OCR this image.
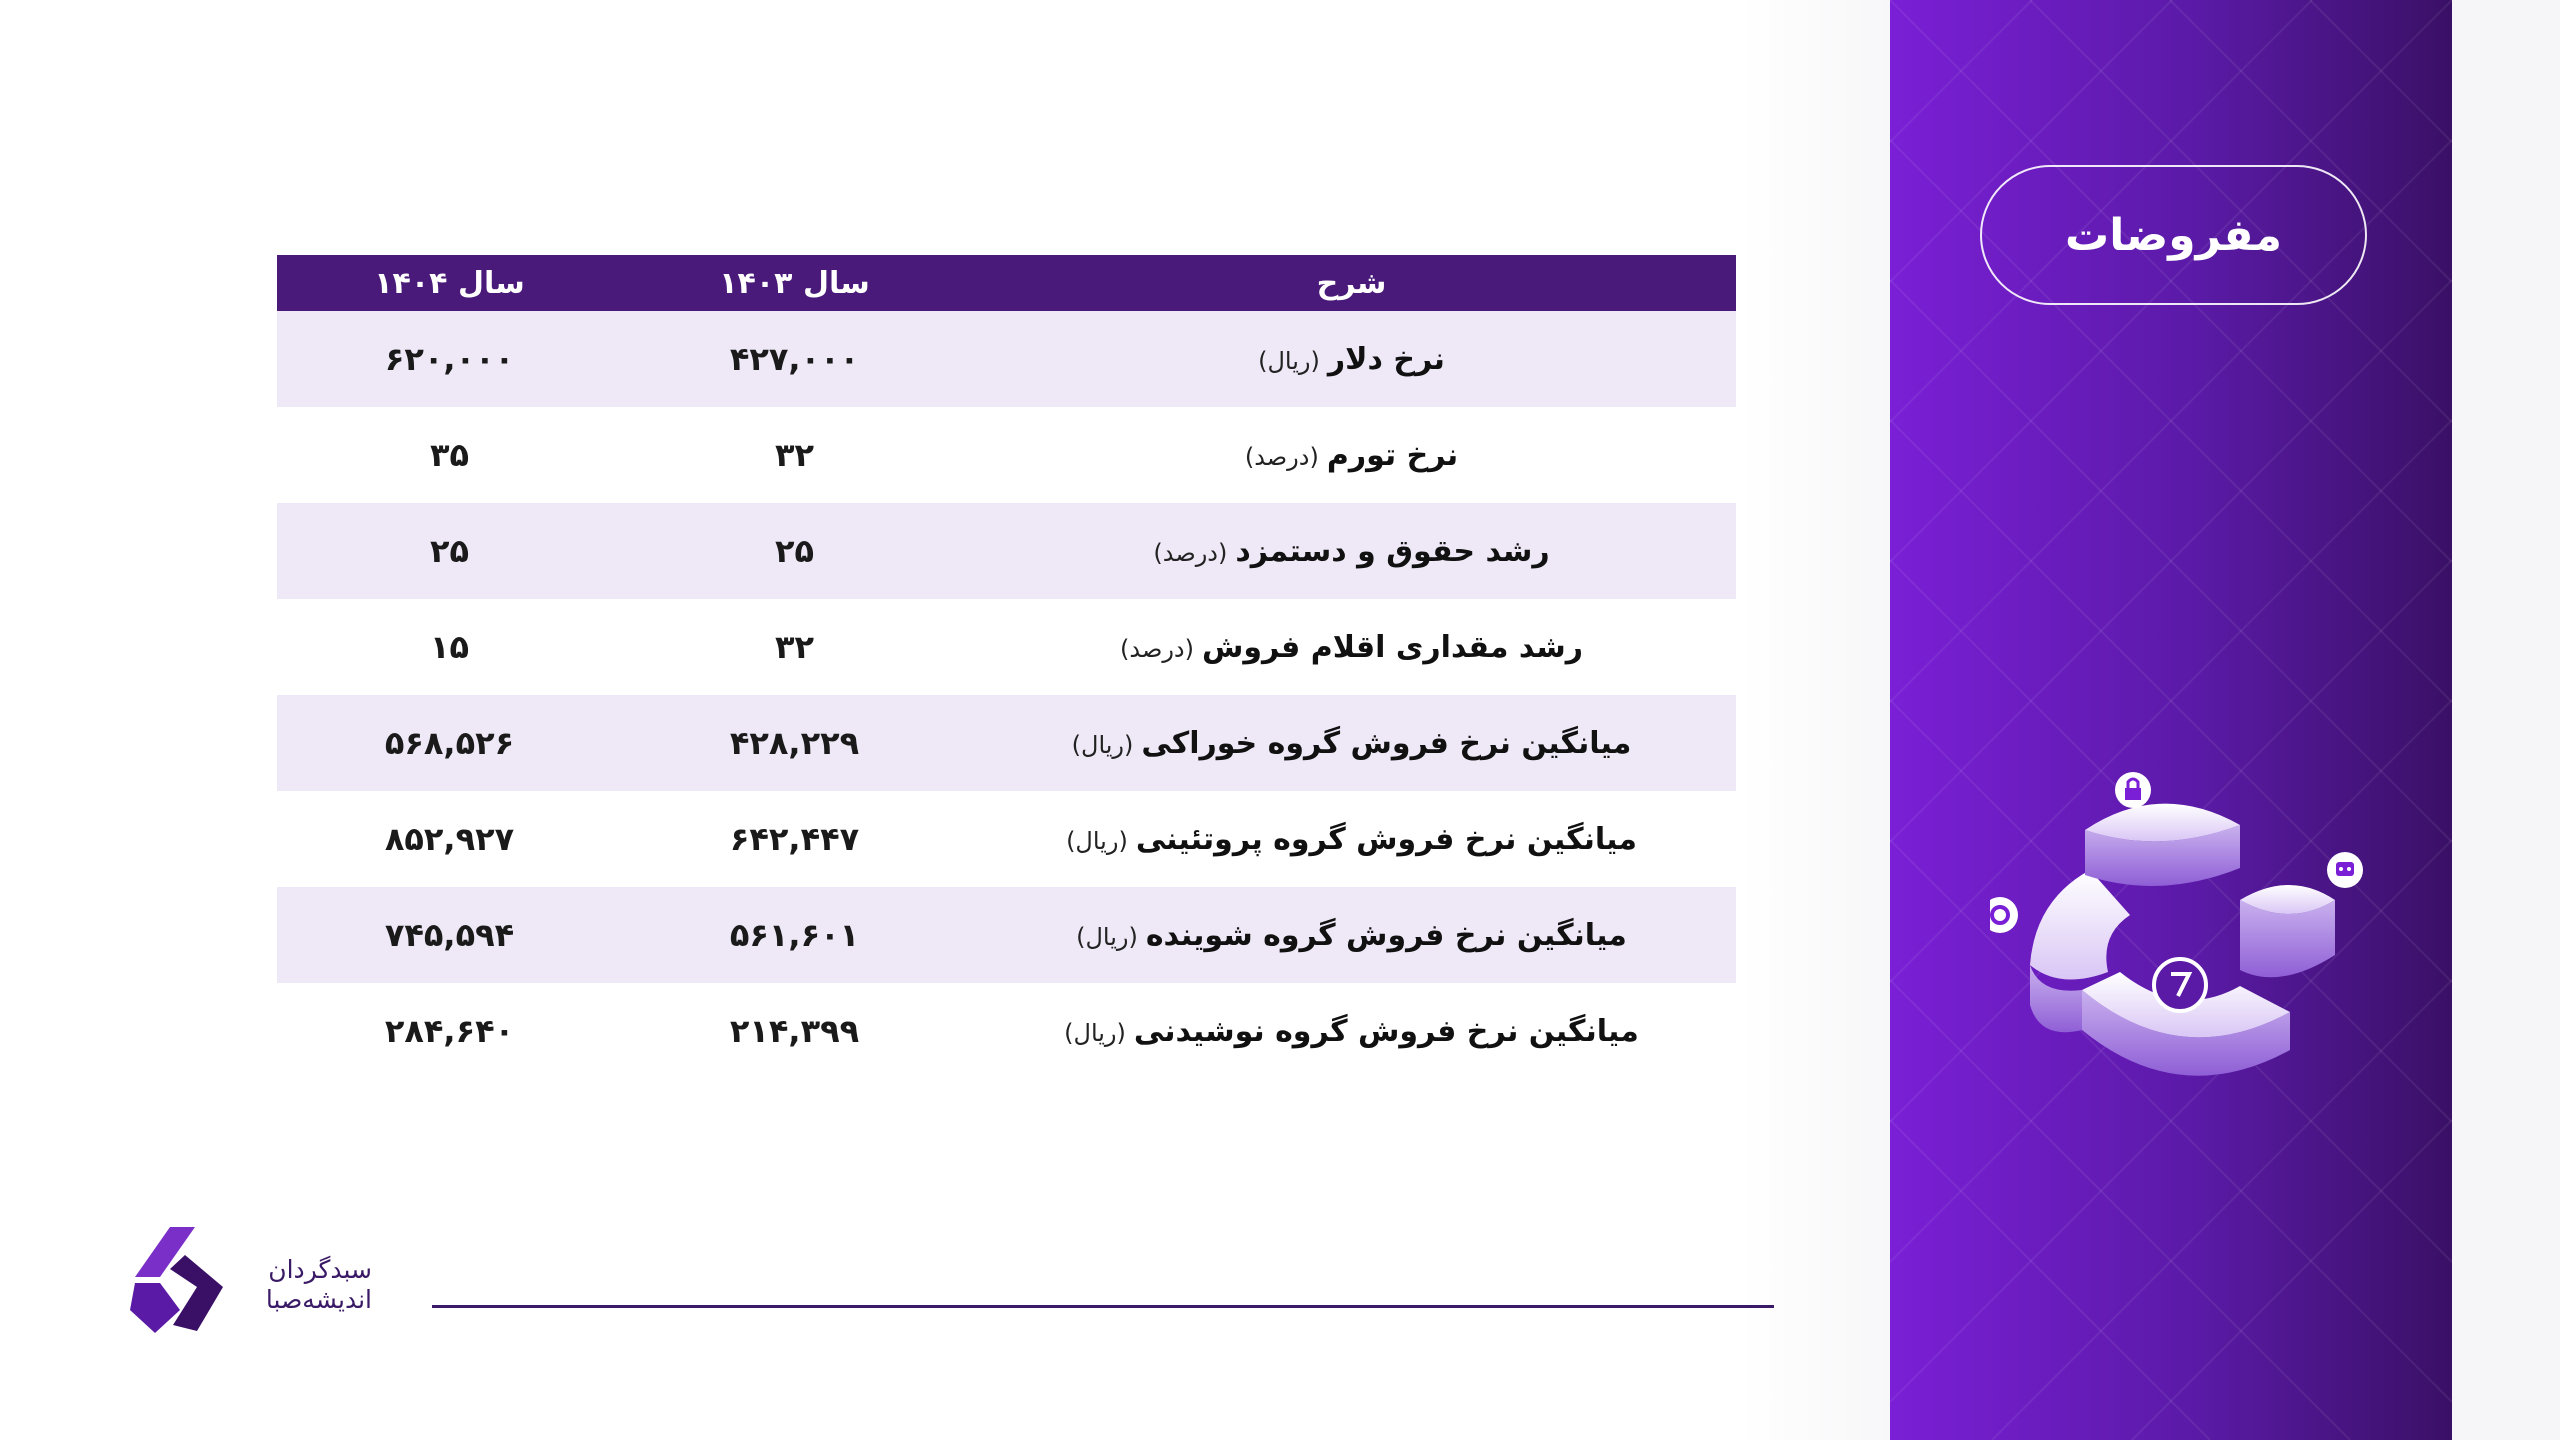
مفروضات
سال ۱۴۰۴	سال ۱۴۰۳	شرح
۶۲۰,۰۰۰	۴۲۷,۰۰۰	نرخ دلار(ریال)
۳۵	۳۲	نرخ تورم(درصد)
۲۵	۲۵	رشد حقوق و دستمزد(درصد)
۱۵	۳۲	رشد مقداری اقلام فروش(درصد)
۵۶۸,۵۲۶	۴۲۸,۲۲۹	میانگین نرخ فروش گروه خوراکی(ریال)
۸۵۲,۹۲۷	۶۴۲,۴۴۷	میانگین نرخ فروش گروه پروتئینی(ریال)
۷۴۵,۵۹۴	۵۶۱,۶۰۱	میانگین نرخ فروش گروه شوینده(ریال)
۲۸۴,۶۴۰	۲۱۴,۳۹۹	میانگین نرخ فروش گروه نوشیدنی(ریال)
سبدگردان
اندیشه‌صبا
